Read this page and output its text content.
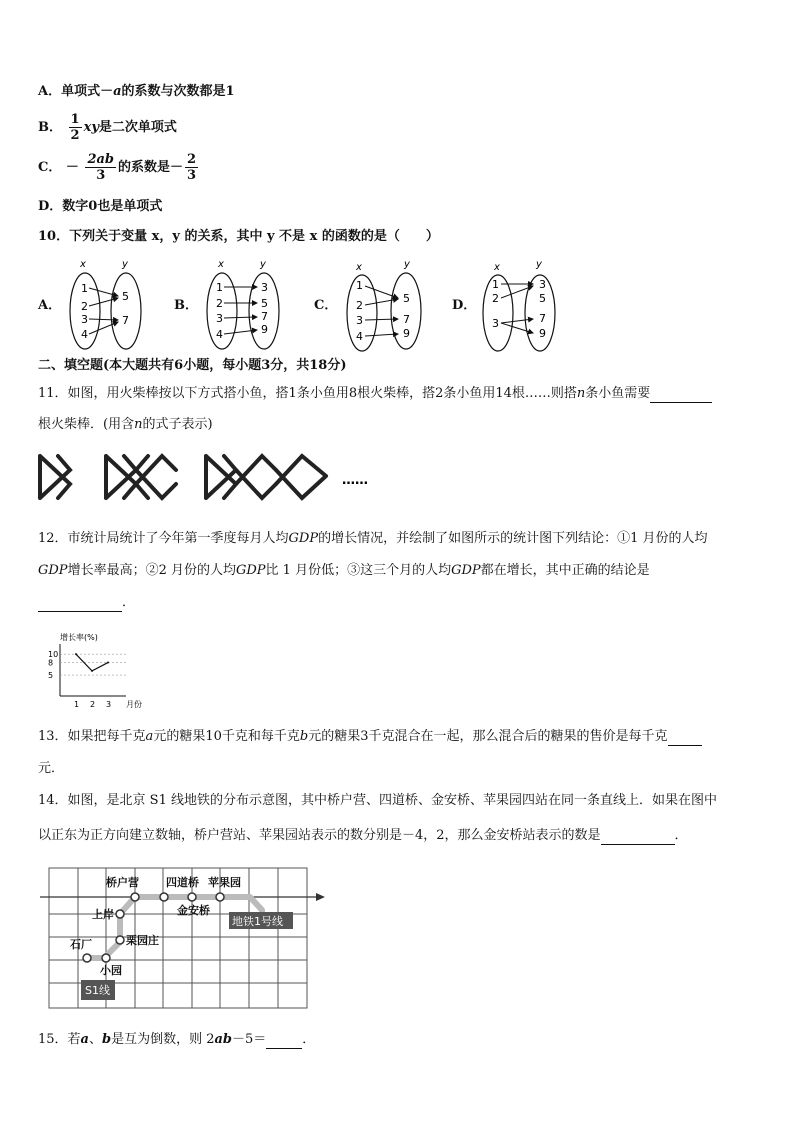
A．单项式－a的系数与次数都是1
B． $\frac{1}{2}$ xy是二次单项式
C． － $\frac{2ab}{3}$ 的系数是－ $\frac{2}{3}$
D．数字0也是单项式
10．下列关于变量 x，y 的关系，其中 y 不是 x 的函数的是（　　）
A．	B．	C．	D．
x	y
1
2
3
4
5
7
x	y
1
2
3
4
3
5
7
9
x	y
1
2
3
4
5
7
9
x	y
1
2
3
3
5
7
9
二、填空题(本大题共有6小题，每小题3分，共18分)
11．如图，用火柴棒按以下方式搭小鱼，搭1条小鱼用8根火柴棒，搭2条小鱼用14根……则搭n条小鱼需要
根火柴棒．(用含n的式子表示)
……
12．市统计局统计了今年第一季度每月人均GDP的增长情况，并绘制了如图所示的统计图下列结论：①1 月份的人均
GDP增长率最高；②2 月份的人均GDP比 1 月份低；③这三个月的人均GDP都在增长，其中正确的结论是
．
增长率(%)
10
8
5
1 2 3 月份
13．如果把每千克a元的糖果10千克和每千克b元的糖果3千克混合在一起，那么混合后的糖果的售价是每千克
元．
14．如图，是北京 S1 线地铁的分布示意图，其中桥户营、四道桥、金安桥、苹果园四站在同一条直线上．如果在图中
以正东为正方向建立数轴，桥户营站、苹果园站表示的数分别是－4，2，那么金安桥站表示的数是	．
桥户营 四道桥 苹果园
金安桥
上岸
栗园庄
石厂
小园
地铁1号线
S1线
15．若a、b是互为倒数，则 2ab－5＝	．
